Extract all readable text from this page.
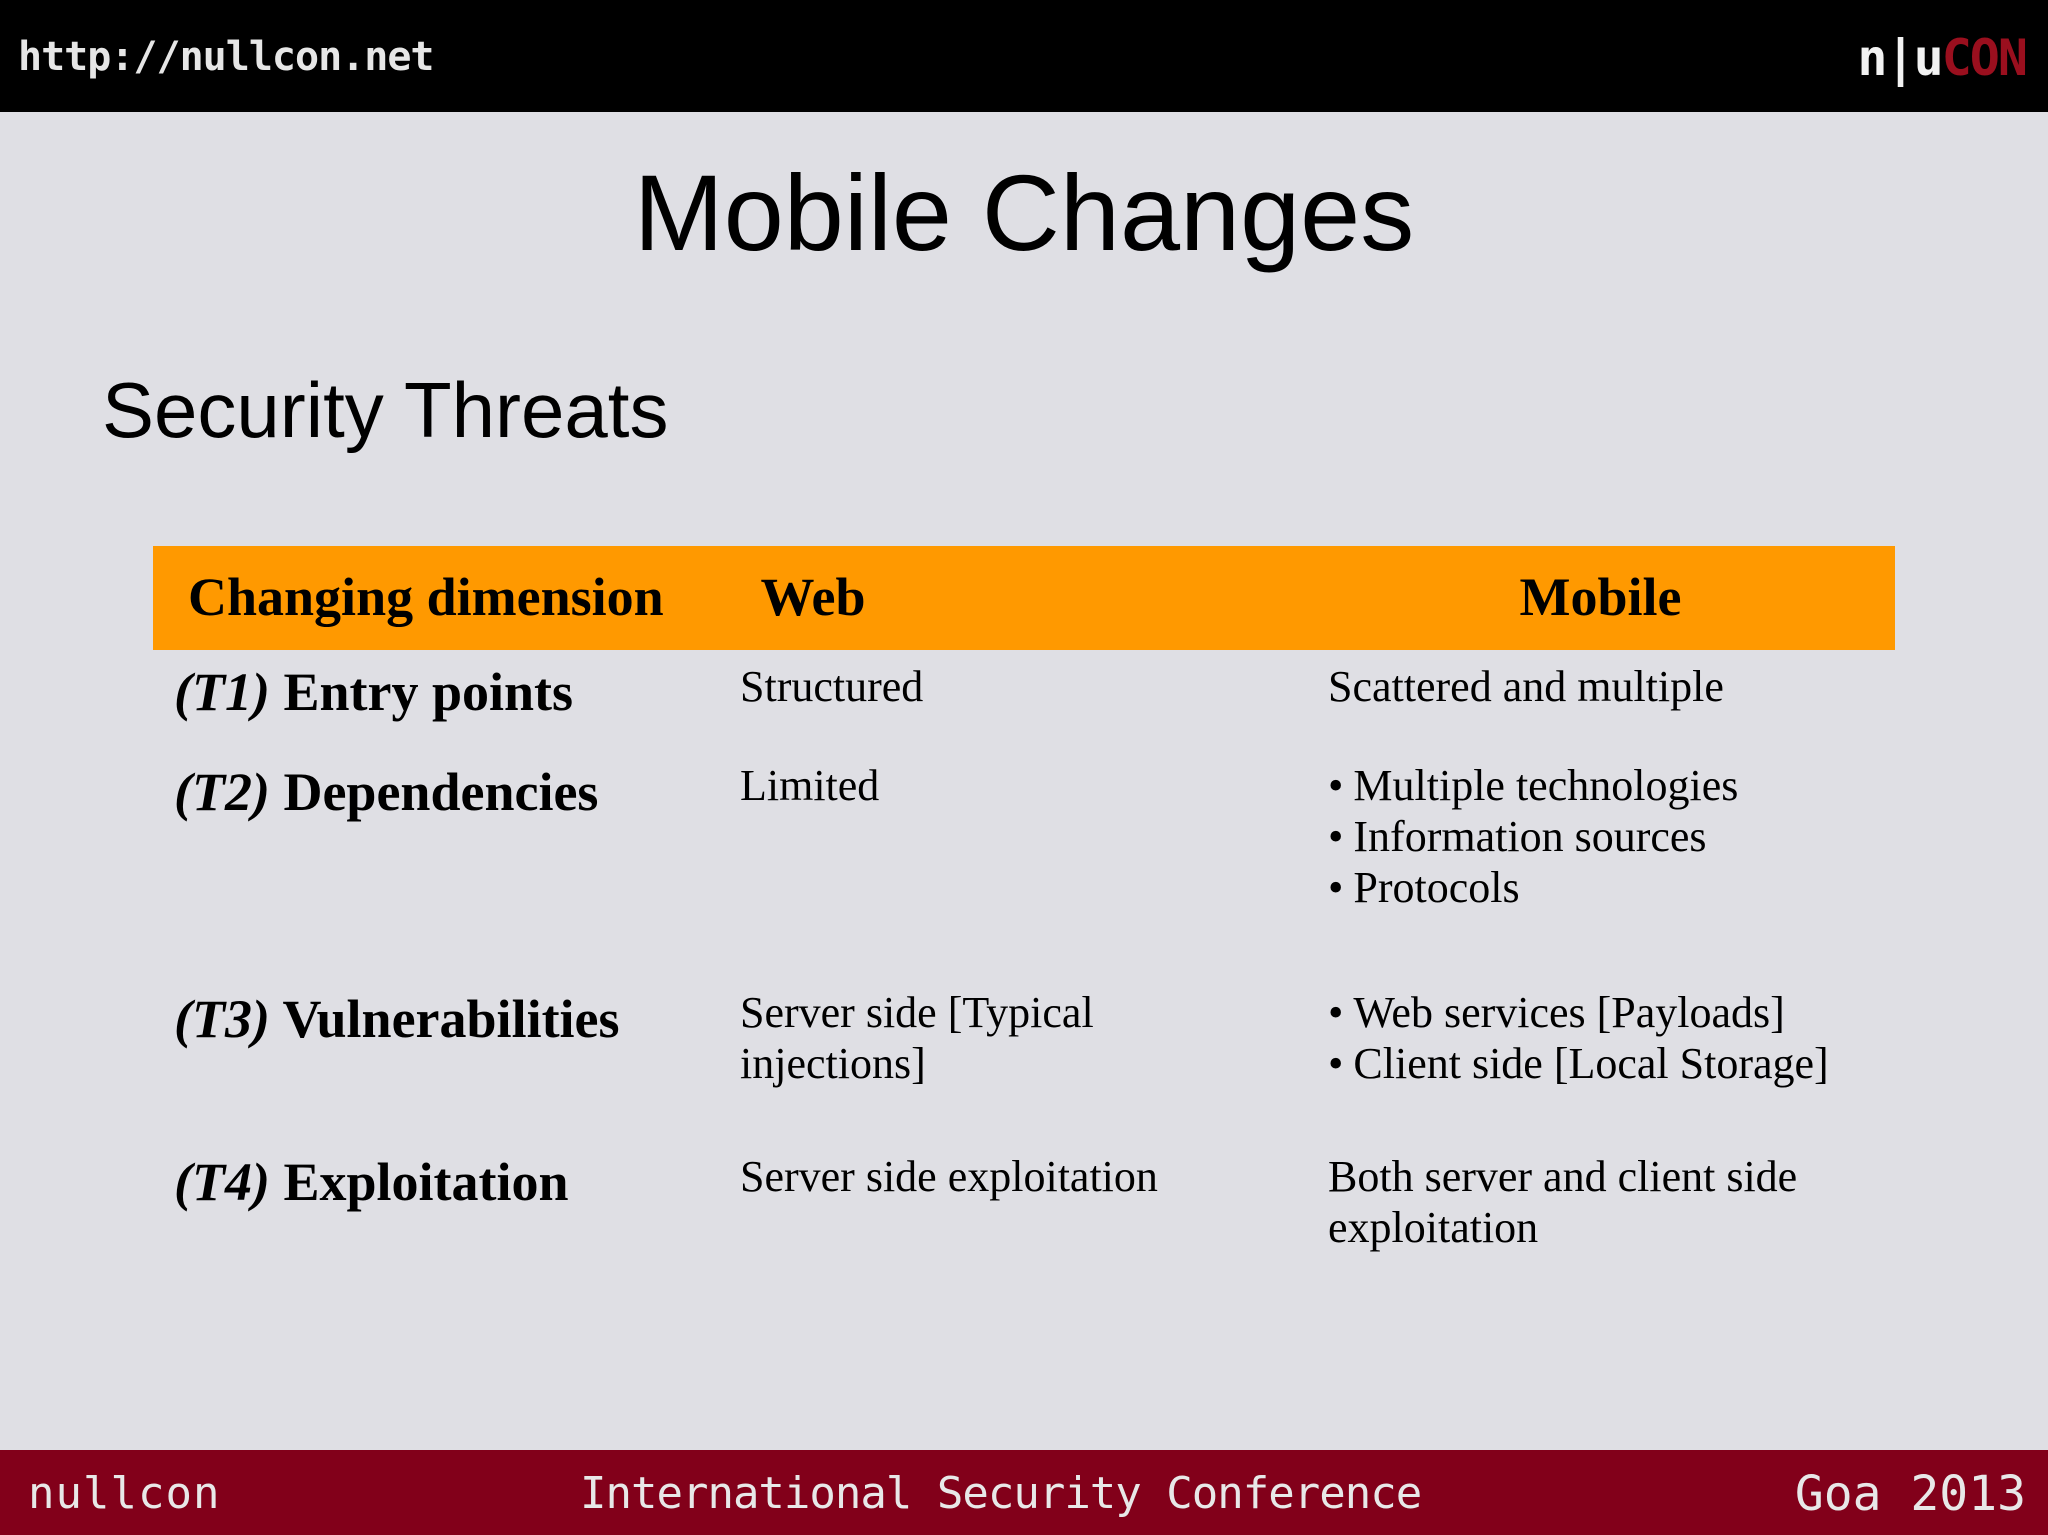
http://nullcon.net	n|uCON
Mobile Changes
Security Threats
Changing dimension	Web	Mobile
(T1) Entry points	Structured	Scattered and multiple
(T2) Dependencies	Limited
•	Multiple technologies
• Information sources
• Protocols
(T3) Vulnerabilities	Server side [Typical
injections]
• Web services [Payloads]
• Client side [Local Storage]
(T4) Exploitation	Server side exploitation	Both server and client side
exploitation
nullcon	International Security Conference	Goa 2013
